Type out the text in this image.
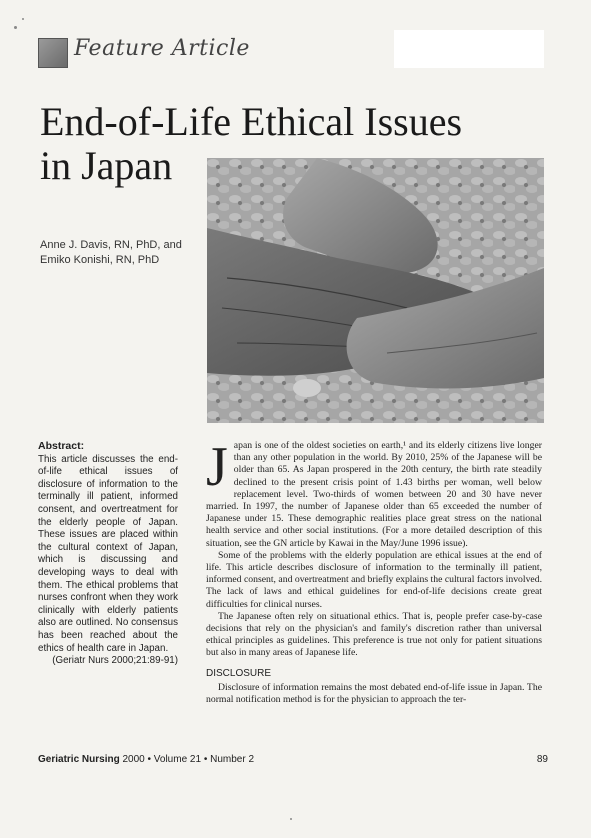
Feature Article
End-of-Life Ethical Issues
in Japan
Anne J. Davis, RN, PhD, and
Emiko Konishi, RN, PhD
Abstract:
This article discusses the end-of-life ethical issues of disclosure of information to the terminally ill patient, informed consent, and overtreatment for the elderly people of Japan. These issues are placed within the cultural context of Japan, which is discussing and developing ways to deal with them. The ethical problems that nurses confront when they work clinically with elderly patients also are outlined. No consensus has been reached about the ethics of health care in Japan.
(Geriatr Nurs 2000;21:89-91)

Japan is one of the oldest societies on earth,¹ and its elderly citizens live longer than any other population in the world. By 2010, 25% of the Japanese will be older than 65. As Japan prospered in the 20th century, the birth rate steadily declined to the present crisis point of 1.43 births per woman, well below replacement level. Two-thirds of women between 20 and 30 have never married. In 1997, the number of Japanese older than 65 exceeded the number of Japanese under 15. These demographic realities place great stress on the national health service and other social institutions. (For a more detailed description of this situation, see the GN article by Kawai in the May/June 1996 issue).

Some of the problems with the elderly population are ethical issues at the end of life. This article describes disclosure of information to the terminally ill patient, informed consent, and overtreatment and briefly explains the cultural factors involved. The lack of laws and ethical guidelines for end-of-life decisions create great difficulties for clinical nurses.

The Japanese often rely on situational ethics. That is, people prefer case-by-case decisions that rely on the physician's and family's discretion rather than universal ethical principles as guidelines. This preference is true not only for patient situations but also in many areas of Japanese life.

DISCLOSURE

Disclosure of information remains the most debated end-of-life issue in Japan. The normal notification method is for the physician to approach the ter-

Geriatric Nursing 2000 • Volume 21 • Number 2	89
